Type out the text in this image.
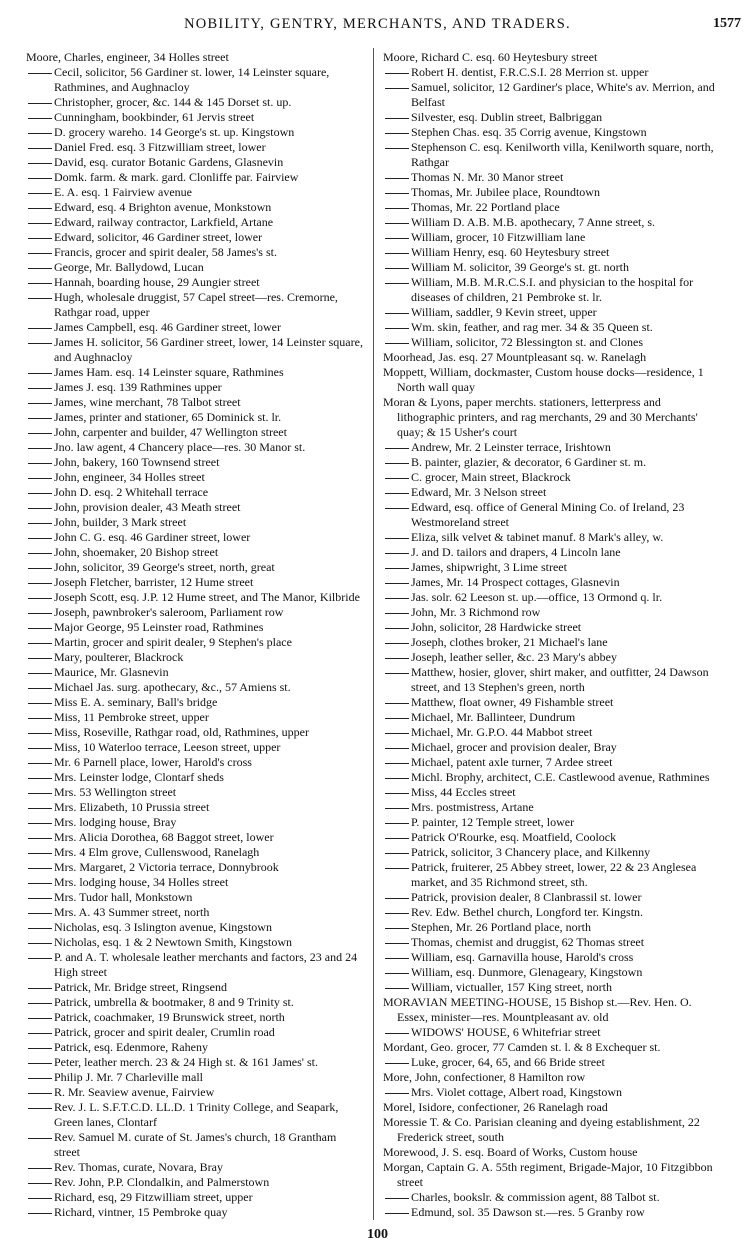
NOBILITY, GENTRY, MERCHANTS, AND TRADERS.	1577
Moore, Charles, engineer, 34 Holles street
Cecil, solicitor, 56 Gardiner st. lower, 14 Leinster square, Rathmines, and Aughnacloy
Christopher, grocer, &c. 144 & 145 Dorset st. up.
Cunningham, bookbinder, 61 Jervis street
D. grocery wareho. 14 George's st. up. Kingstown
Daniel Fred. esq. 3 Fitzwilliam street, lower
David, esq. curator Botanic Gardens, Glasnevin
Domk. farm. & mark. gard. Clonliffe par. Fairview
E. A. esq. 1 Fairview avenue
Edward, esq. 4 Brighton avenue, Monkstown
Edward, railway contractor, Larkfield, Artane
Edward, solicitor, 46 Gardiner street, lower
Francis, grocer and spirit dealer, 58 James's st.
George, Mr. Ballydowd, Lucan
Hannah, boarding house, 29 Aungier street
Hugh, wholesale druggist, 57 Capel street—res. Cremorne, Rathgar road, upper
James Campbell, esq. 46 Gardiner street, lower
James H. solicitor, 56 Gardiner street, lower, 14 Leinster square, and Aughnacloy
James Ham. esq. 14 Leinster square, Rathmines
James J. esq. 139 Rathmines upper
James, wine merchant, 78 Talbot street
James, printer and stationer, 65 Dominick st. lr.
John, carpenter and builder, 47 Wellington street
Jno. law agent, 4 Chancery place—res. 30 Manor st.
John, bakery, 160 Townsend street
John, engineer, 34 Holles street
John D. esq. 2 Whitehall terrace
John, provision dealer, 43 Meath street
John, builder, 3 Mark street
John C. G. esq. 46 Gardiner street, lower
John, shoemaker, 20 Bishop street
John, solicitor, 39 George's street, north, great
Joseph Fletcher, barrister, 12 Hume street
Joseph Scott, esq. J.P. 12 Hume street, and The Manor, Kilbride
Joseph, pawnbroker's saleroom, Parliament row
Major George, 95 Leinster road, Rathmines
Martin, grocer and spirit dealer, 9 Stephen's place
Mary, poulterer, Blackrock
Maurice, Mr. Glasnevin
Michael Jas. surg. apothecary, &c., 57 Amiens st.
Miss E. A. seminary, Ball's bridge
Miss, 11 Pembroke street, upper
Miss, Roseville, Rathgar road, old, Rathmines, upper
Miss, 10 Waterloo terrace, Leeson street, upper
Mr. 6 Parnell place, lower, Harold's cross
Mrs. Leinster lodge, Clontarf sheds
Mrs. 53 Wellington street
Mrs. Elizabeth, 10 Prussia street
Mrs. lodging house, Bray
Mrs. Alicia Dorothea, 68 Baggot street, lower
Mrs. 4 Elm grove, Cullenswood, Ranelagh
Mrs. Margaret, 2 Victoria terrace, Donnybrook
Mrs. lodging house, 34 Holles street
Mrs. Tudor hall, Monkstown
Mrs. A. 43 Summer street, north
Nicholas, esq. 3 Islington avenue, Kingstown
Nicholas, esq. 1 & 2 Newtown Smith, Kingstown
P. and A. T. wholesale leather merchants and factors, 23 and 24 High street
Patrick, Mr. Bridge street, Ringsend
Patrick, umbrella & bootmaker, 8 and 9 Trinity st.
Patrick, coachmaker, 19 Brunswick street, north
Patrick, grocer and spirit dealer, Crumlin road
Patrick, esq. Edenmore, Raheny
Peter, leather merch. 23 & 24 High st. & 161 James' st.
Philip J. Mr. 7 Charleville mall
R. Mr. Seaview avenue, Fairview
Rev. J. L. S.F.T.C.D. LL.D. 1 Trinity College, and Seapark, Green lanes, Clontarf
Rev. Samuel M. curate of St. James's church, 18 Grantham street
Rev. Thomas, curate, Novara, Bray
Rev. John, P.P. Clondalkin, and Palmerstown
Richard, esq, 29 Fitzwilliam street, upper
Richard, vintner, 15 Pembroke quay
Moore, Richard C. esq. 60 Heytesbury street
Robert H. dentist, F.R.C.S.I. 28 Merrion st. upper
Samuel, solicitor, 12 Gardiner's place, White's av. Merrion, and Belfast
Silvester, esq. Dublin street, Balbriggan
Stephen Chas. esq. 35 Corrig avenue, Kingstown
Stephenson C. esq. Kenilworth villa, Kenilworth square, north, Rathgar
Thomas N. Mr. 30 Manor street
Thomas, Mr. Jubilee place, Roundtown
Thomas, Mr. 22 Portland place
William D. A.B. M.B. apothecary, 7 Anne street, s.
William, grocer, 10 Fitzwilliam lane
William Henry, esq. 60 Heytesbury street
William M. solicitor, 39 George's st. gt. north
William, M.B. M.R.C.S.I. and physician to the hospital for diseases of children, 21 Pembroke st. lr.
William, saddler, 9 Kevin street, upper
Wm. skin, feather, and rag mer. 34 & 35 Queen st.
William, solicitor, 72 Blessington st. and Clones
Moorhead, Jas. esq. 27 Mountpleasant sq. w. Ranelagh
Moppett, William, dockmaster, Custom house docks—residence, 1 North wall quay
Moran & Lyons, paper merchts. stationers, letterpress and lithographic printers, and rag merchants, 29 and 30 Merchants' quay; & 15 Usher's court
Andrew, Mr. 2 Leinster terrace, Irishtown
B. painter, glazier, & decorator, 6 Gardiner st. m.
C. grocer, Main street, Blackrock
Edward, Mr. 3 Nelson street
Edward, esq. office of General Mining Co. of Ireland, 23 Westmoreland street
Eliza, silk velvet & tabinet manuf. 8 Mark's alley, w.
J. and D. tailors and drapers, 4 Lincoln lane
James, shipwright, 3 Lime street
James, Mr. 14 Prospect cottages, Glasnevin
Jas. solr. 62 Leeson st. up.—office, 13 Ormond q. lr.
John, Mr. 3 Richmond row
John, solicitor, 28 Hardwicke street
Joseph, clothes broker, 21 Michael's lane
Joseph, leather seller, &c. 23 Mary's abbey
Matthew, hosier, glover, shirt maker, and outfitter, 24 Dawson street, and 13 Stephen's green, north
Matthew, float owner, 49 Fishamble street
Michael, Mr. Ballinteer, Dundrum
Michael, Mr. G.P.O. 44 Mabbot street
Michael, grocer and provision dealer, Bray
Michael, patent axle turner, 7 Ardee street
Michl. Brophy, architect, C.E. Castlewood avenue, Rathmines
Miss, 44 Eccles street
Mrs. postmistress, Artane
P. painter, 12 Temple street, lower
Patrick O'Rourke, esq. Moatfield, Coolock
Patrick, solicitor, 3 Chancery place, and Kilkenny
Patrick, fruiterer, 25 Abbey street, lower, 22 & 23 Anglesea market, and 35 Richmond street, sth.
Patrick, provision dealer, 8 Clanbrassil st. lower
Rev. Edw. Bethel church, Longford ter. Kingstn.
Stephen, Mr. 26 Portland place, north
Thomas, chemist and druggist, 62 Thomas street
William, esq. Garnavilla house, Harold's cross
William, esq. Dunmore, Glenageary, Kingstown
William, victualler, 157 King street, north
MORAVIAN MEETING-HOUSE, 15 Bishop st.—Rev. Hen. O. Essex, minister—res. Mountpleasant av. old
WIDOWS' HOUSE, 6 Whitefriar street
Mordant, Geo. grocer, 77 Camden st. l. & 8 Exchequer st.
Luke, grocer, 64, 65, and 66 Bride street
More, John, confectioner, 8 Hamilton row
Mrs. Violet cottage, Albert road, Kingstown
Morel, Isidore, confectioner, 26 Ranelagh road
Moressie T. & Co. Parisian cleaning and dyeing establishment, 22 Frederick street, south
Morewood, J. S. esq. Board of Works, Custom house
Morgan, Captain G. A. 55th regiment, Brigade-Major, 10 Fitzgibbon street
Charles, bookslr. & commission agent, 88 Talbot st.
Edmund, sol. 35 Dawson st.—res. 5 Granby row
100
